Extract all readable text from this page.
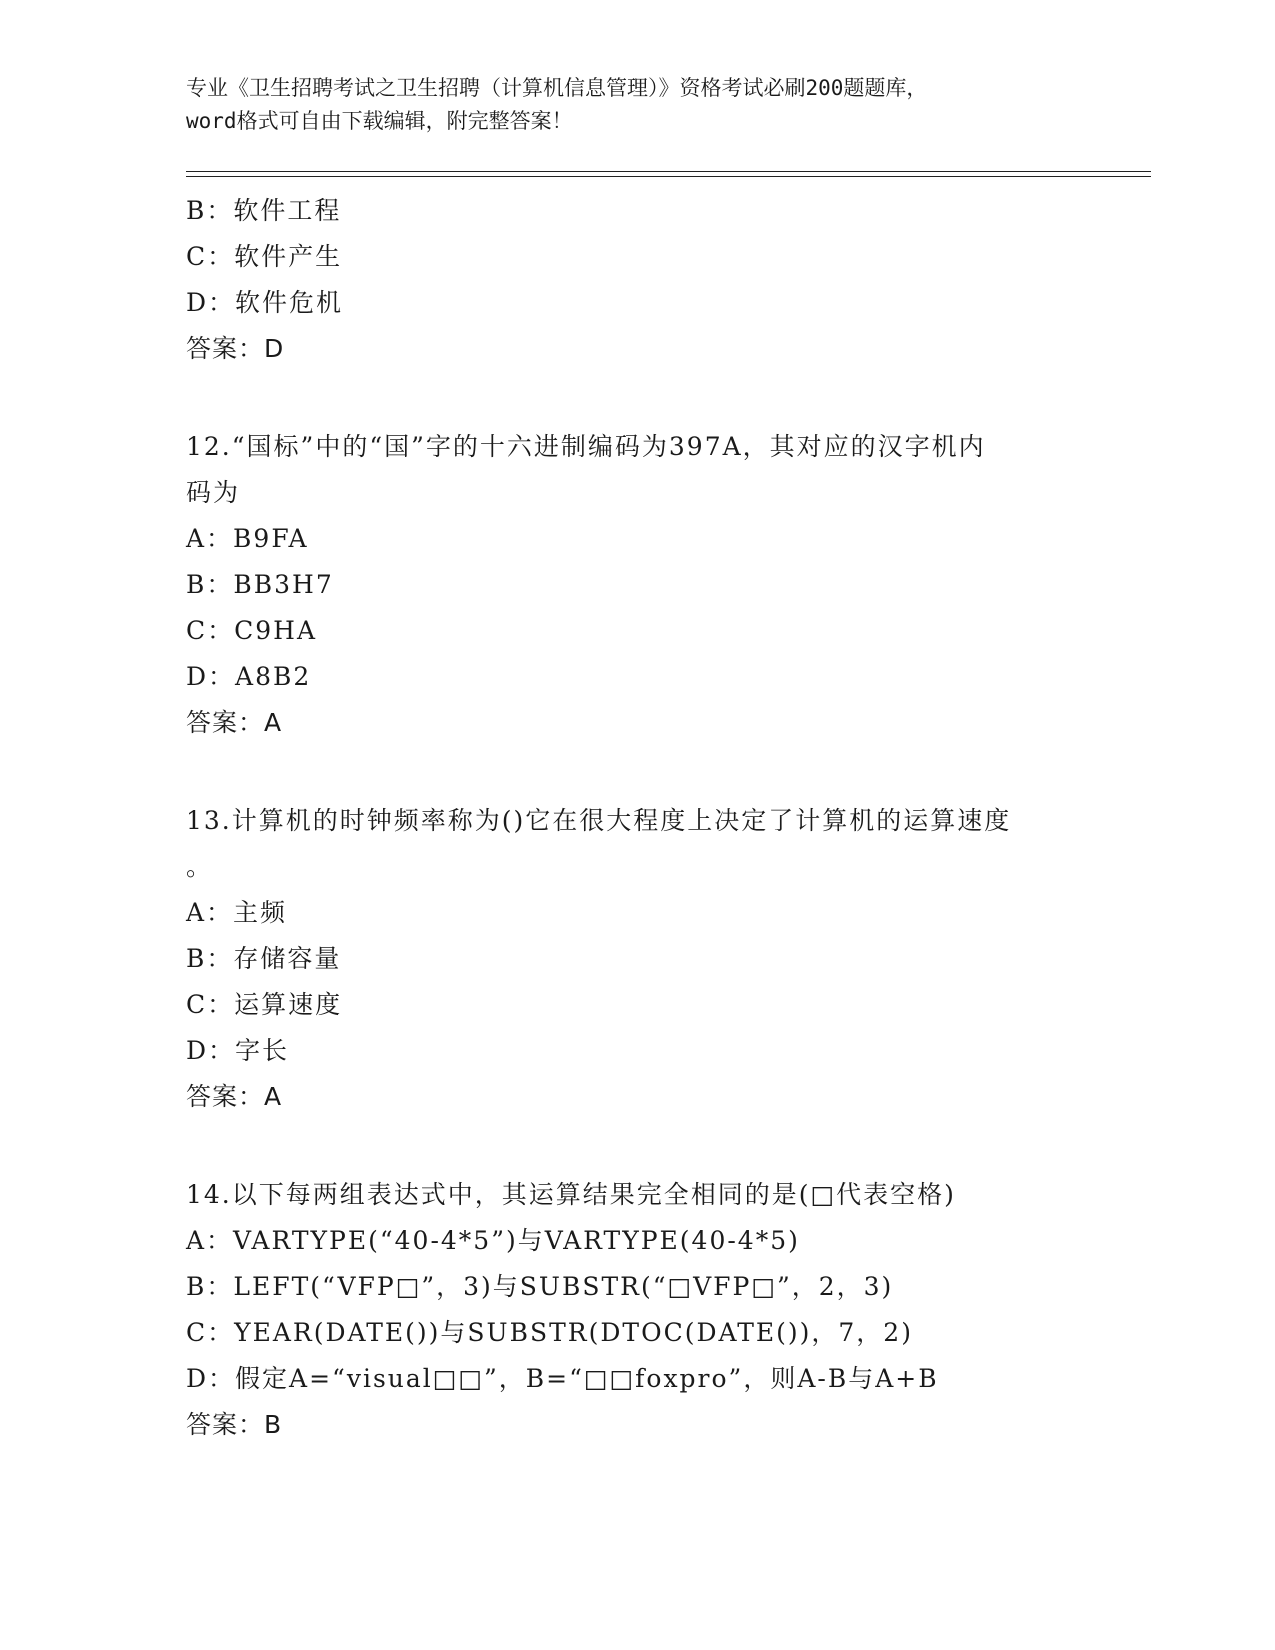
专业《卫生招聘考试之卫生招聘（计算机信息管理）》资格考试必刷200题题库，
word格式可自由下载编辑，附完整答案！
B：软件工程
C：软件产生
D：软件危机
答案：D
12.“国标”中的“国”字的十六进制编码为397A，其对应的汉字机内
码为
A：B9FA
B：BB3H7
C：C9HA
D：A8B2
答案：A
13.计算机的时钟频率称为()它在很大程度上决定了计算机的运算速度
。
A：主频
B：存储容量
C：运算速度
D：字长
答案：A
14.以下每两组表达式中，其运算结果完全相同的是(□代表空格)
A：VARTYPE(“40-4*5”)与VARTYPE(40-4*5)
B：LEFT(“VFP□”，3)与SUBSTR(“□VFP□”，2，3)
C：YEAR(DATE())与SUBSTR(DTOC(DATE())，7，2)
D：假定A=“visual□□”，B=“□□foxpro”，则A-B与A+B
答案：B
